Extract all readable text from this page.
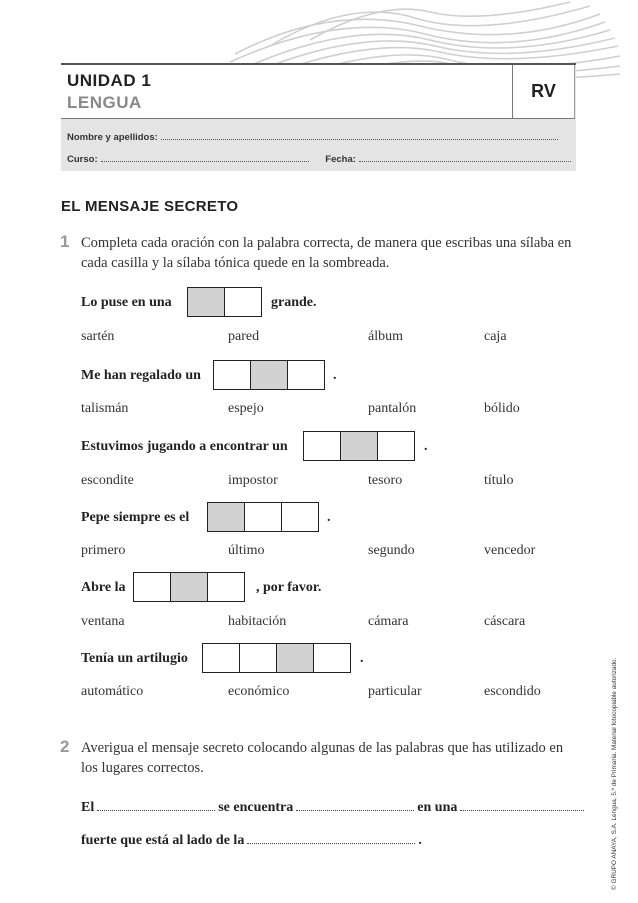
UNIDAD 1
LENGUA
RV
Nombre y apellidos:
Curso:	Fecha:
EL MENSAJE SECRETO
1 Completa cada oración con la palabra correcta, de manera que escribas una sílaba en cada casilla y la sílaba tónica quede en la sombreada.
Lo puse en una	grande.
sartén	pared	álbum	caja
Me han regalado un	.
talismán	espejo	pantalón	bólido
Estuvimos jugando a encontrar un	.
escondite	impostor	tesoro	título
Pepe siempre es el	.
primero	último	segundo	vencedor
Abre la	, por favor.
ventana	habitación	cámara	cáscara
Tenía un artilugio	.
automático	económico	particular	escondido
2 Averigua el mensaje secreto colocando algunas de las palabras que has utilizado en los lugares correctos.
El	se encuentra	en una
fuerte que está al lado de la	.	© GRUPO ANAYA, S.A. Lengua, 5.º de Primaria. Material fotocopiable autorizado.
